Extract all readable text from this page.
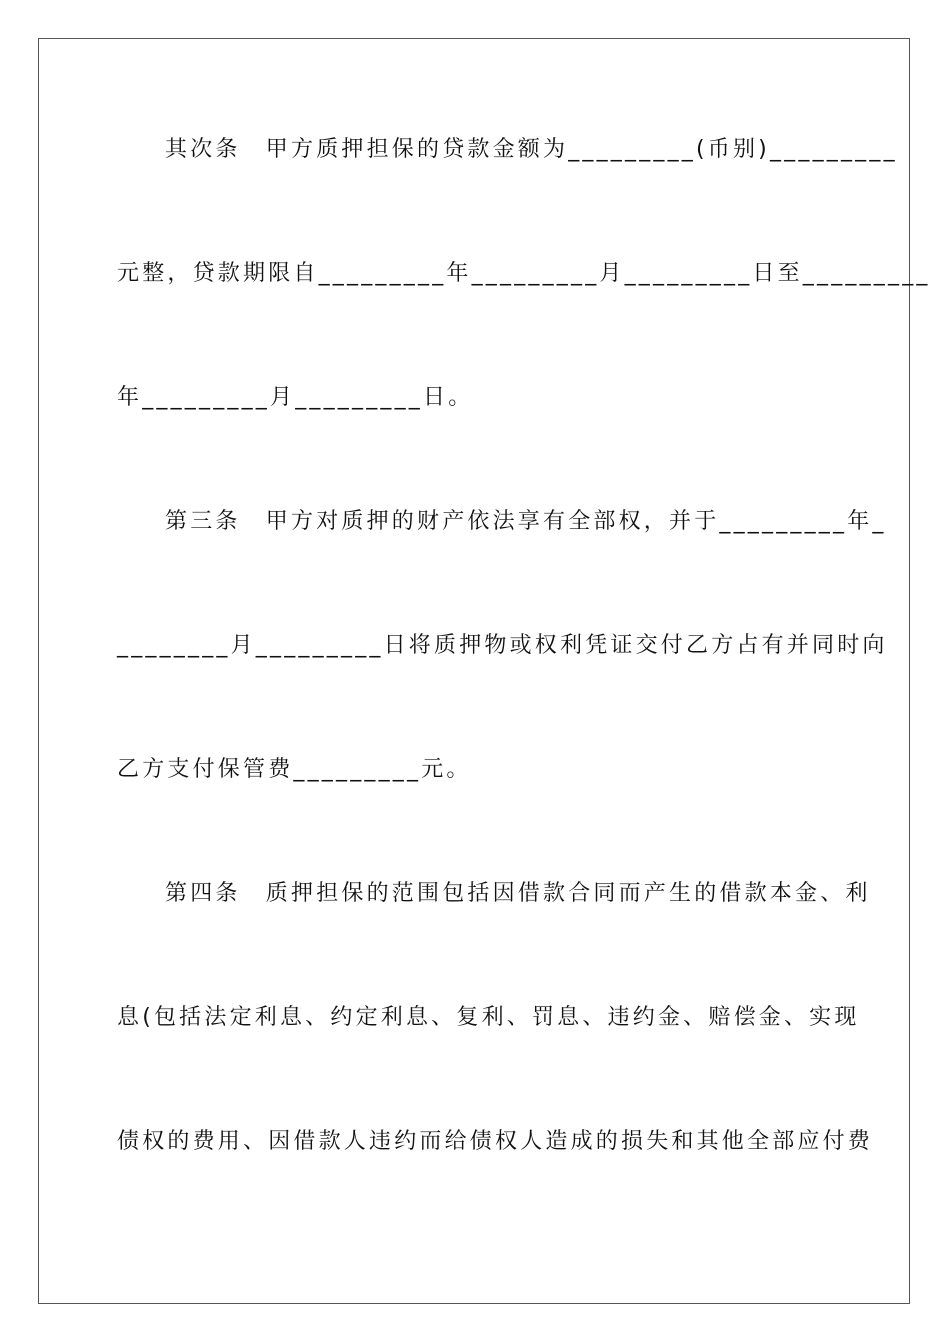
其次条　甲方质押担保的贷款金额为_________(币别)_________
元整，贷款期限自_________年_________月_________日至_________
年_________月_________日。
第三条　甲方对质押的财产依法享有全部权，并于_________年_
________月_________日将质押物或权利凭证交付乙方占有并同时向
乙方支付保管费_________元。
第四条　质押担保的范围包括因借款合同而产生的借款本金、利
息(包括法定利息、约定利息、复利、罚息、违约金、赔偿金、实现
债权的费用、因借款人违约而给债权人造成的损失和其他全部应付费
